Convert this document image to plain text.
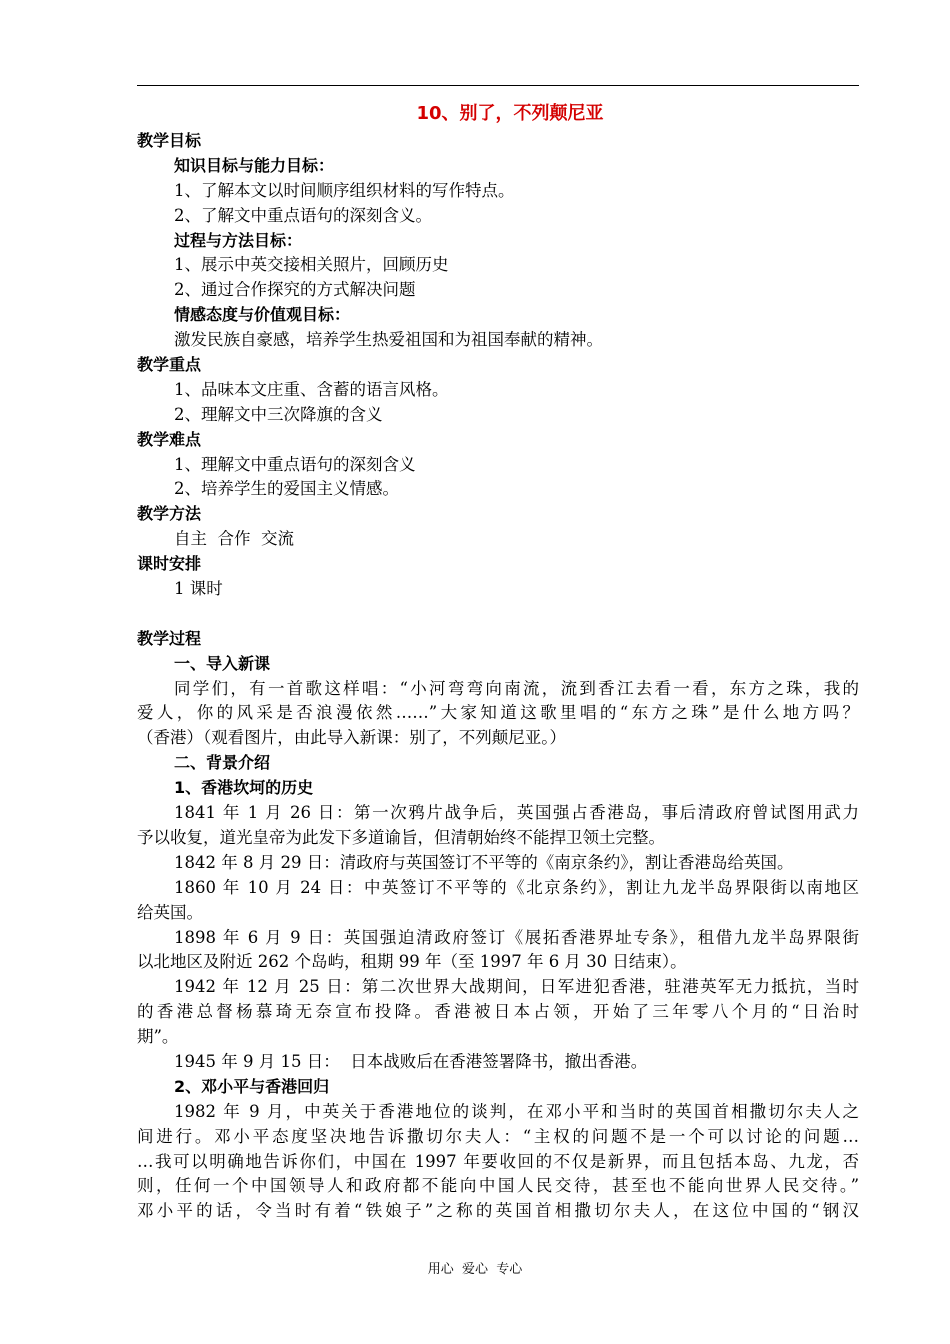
10、别了，不列颠尼亚
教学目标
知识目标与能力目标：
1、了解本文以时间顺序组织材料的写作特点。
2、了解文中重点语句的深刻含义。
过程与方法目标：
1、展示中英交接相关照片，回顾历史
2、通过合作探究的方式解决问题
情感态度与价值观目标：
激发民族自豪感，培养学生热爱祖国和为祖国奉献的精神。
教学重点
1、品味本文庄重、含蓄的语言风格。
2、理解文中三次降旗的含义
教学难点
1、理解文中重点语句的深刻含义
2、培养学生的爱国主义情感。
教学方法
自主  合作  交流
课时安排
1 课时
教学过程
一、导入新课
同学们，有一首歌这样唱：“小河弯弯向南流，流到香江去看一看，东方之珠，我的
爱人，你的风采是否浪漫依然……”大家知道这歌里唱的“东方之珠”是什么地方吗？
（香港）（观看图片，由此导入新课：别了，不列颠尼亚。）
二、背景介绍
1、香港坎坷的历史
1841 年 1 月 26 日：第一次鸦片战争后，英国强占香港岛，事后清政府曾试图用武力
予以收复，道光皇帝为此发下多道谕旨，但清朝始终不能捍卫领土完整。
1842 年 8 月 29 日：清政府与英国签订不平等的《南京条约》，割让香港岛给英国。
1860 年 10 月 24 日：中英签订不平等的《北京条约》，割让九龙半岛界限街以南地区
给英国。
1898 年 6 月 9 日：英国强迫清政府签订《展拓香港界址专条》，租借九龙半岛界限街
以北地区及附近 262 个岛屿，租期 99 年（至 1997 年 6 月 30 日结束）。
1942 年 12 月 25 日：第二次世界大战期间，日军进犯香港，驻港英军无力抵抗，当时
的香港总督杨慕琦无奈宣布投降。香港被日本占领，开始了三年零八个月的“日治时
期”。
1945 年 9 月 15 日：  日本战败后在香港签署降书，撤出香港。
2、邓小平与香港回归
1982 年 9 月，中英关于香港地位的谈判，在邓小平和当时的英国首相撒切尔夫人之
间进行。邓小平态度坚决地告诉撒切尔夫人：“主权的问题不是一个可以讨论的问题…
…我可以明确地告诉你们，中国在 1997 年要收回的不仅是新界，而且包括本岛、九龙，否
则，任何一个中国领导人和政府都不能向中国人民交待，甚至也不能向世界人民交待。”
邓小平的话，令当时有着“铁娘子”之称的英国首相撒切尔夫人，在这位中国的“钢汉
用心  爱心  专心
